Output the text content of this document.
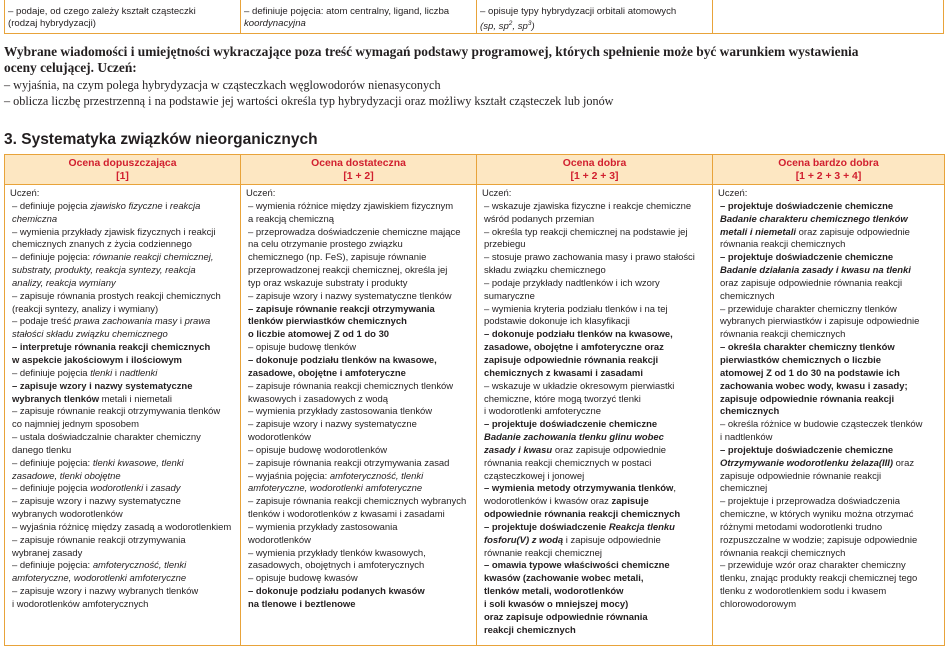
– podaje, od czego zależy kształt cząsteczki
(rodzaj hybrydyzacji)
– definiuje pojęcia: atom centralny, ligand, liczba
koordynacyjna
– opisuje typy hybrydyzacji orbitali atomowych
(sp, $sp^2$, $sp^3$)
Wybrane wiadomości i umiejętności wykraczające poza treść wymagań podstawy programowej, których spełnienie może być warunkiem wystawienia
oceny celującej. Uczeń:
– wyjaśnia, na czym polega hybrydyzacja w cząsteczkach węglowodorów nienasyconych
– oblicza liczbę przestrzenną i na podstawie jej wartości określa typ hybrydyzacji oraz możliwy kształt cząsteczek lub jonów
3. Systematyka związków nieorganicznych
Ocena dopuszczająca
[1]
Uczeń:
– definiuje pojęcia zjawisko fizyczne i reakcja
chemiczna
– wymienia przykłady zjawisk fizycznych i reakcji
chemicznych znanych z życia codziennego
– definiuje pojęcia: równanie reakcji chemicznej,
substraty, produkty, reakcja syntezy, reakcja
analizy, reakcja wymiany
– zapisuje równania prostych reakcji chemicznych
(reakcji syntezy, analizy i wymiany)
– podaje treść prawa zachowania masy i prawa
stałości składu związku chemicznego
– interpretuje równania reakcji chemicznych
w aspekcie jakościowym i ilościowym
– definiuje pojęcia tlenki i nadtlenki
– zapisuje wzory i nazwy systematyczne
wybranych tlenków metali i niemetali
– zapisuje równanie reakcji otrzymywania tlenków
co najmniej jednym sposobem
– ustala doświadczalnie charakter chemiczny
danego tlenku
– definiuje pojęcia: tlenki kwasowe, tlenki
zasadowe, tlenki obojętne
– definiuje pojęcia wodorotlenki i zasady
– zapisuje wzory i nazwy systematyczne
wybranych wodorotlenków
– wyjaśnia różnicę między zasadą a wodorotlenkiem
– zapisuje równanie reakcji otrzymywania
wybranej zasady
– definiuje pojęcia: amfoteryczność, tlenki
amfoteryczne, wodorotlenki amfoteryczne
– zapisuje wzory i nazwy wybranych tlenków
i wodorotlenków amfoterycznych
Ocena dostateczna
[1 + 2]
Uczeń:
– wymienia różnice między zjawiskiem fizycznym
a reakcją chemiczną
– przeprowadza doświadczenie chemiczne mające
na celu otrzymanie prostego związku
chemicznego (np. FeS), zapisuje równanie
przeprowadzonej reakcji chemicznej, określa jej
typ oraz wskazuje substraty i produkty
– zapisuje wzory i nazwy systematyczne tlenków
– zapisuje równanie reakcji otrzymywania
tlenków pierwiastków chemicznych
o liczbie atomowej Z od 1 do 30
– opisuje budowę tlenków
– dokonuje podziału tlenków na kwasowe,
zasadowe, obojętne i amfoteryczne
– zapisuje równania reakcji chemicznych tlenków
kwasowych i zasadowych z wodą
– wymienia przykłady zastosowania tlenków
– zapisuje wzory i nazwy systematyczne
wodorotlenków
– opisuje budowę wodorotlenków
– zapisuje równania reakcji otrzymywania zasad
– wyjaśnia pojęcia: amfoteryczność, tlenki
amfoteryczne, wodorotlenki amfoteryczne
– zapisuje równania reakcji chemicznych wybranych
tlenków i wodorotlenków z kwasami i zasadami
– wymienia przykłady zastosowania
wodorotlenków
– wymienia przykłady tlenków kwasowych,
zasadowych, obojętnych i amfoterycznych
– opisuje budowę kwasów
– dokonuje podziału podanych kwasów
na tlenowe i beztlenowe
Ocena dobra
[1 + 2 + 3]
Uczeń:
– wskazuje zjawiska fizyczne i reakcje chemiczne
wśród podanych przemian
– określa typ reakcji chemicznej na podstawie jej
przebiegu
– stosuje prawo zachowania masy i prawo stałości
składu związku chemicznego
– podaje przykłady nadtlenków i ich wzory
sumaryczne
– wymienia kryteria podziału tlenków i na tej
podstawie dokonuje ich klasyfikacji
– dokonuje podziału tlenków na kwasowe,
zasadowe, obojętne i amfoteryczne oraz
zapisuje odpowiednie równania reakcji
chemicznych z kwasami i zasadami
– wskazuje w układzie okresowym pierwiastki
chemiczne, które mogą tworzyć tlenki
i wodorotlenki amfoteryczne
– projektuje doświadczenie chemiczne
Badanie zachowania tlenku glinu wobec
zasady i kwasu oraz zapisuje odpowiednie
równania reakcji chemicznych w postaci
cząsteczkowej i jonowej
– wymienia metody otrzymywania tlenków,
wodorotlenków i kwasów oraz zapisuje
odpowiednie równania reakcji chemicznych
– projektuje doświadczenie Reakcja tlenku
fosforu(V) z wodą i zapisuje odpowiednie
równanie reakcji chemicznej
– omawia typowe właściwości chemiczne
kwasów (zachowanie wobec metali,
tlenków metali, wodorotlenków
i soli kwasów o mniejszej mocy)
oraz zapisuje odpowiednie równania
reakcji chemicznych
Ocena bardzo dobra
[1 + 2 + 3 + 4]
Uczeń:
– projektuje doświadczenie chemiczne
Badanie charakteru chemicznego tlenków
metali i niemetali oraz zapisuje odpowiednie
równania reakcji chemicznych
– projektuje doświadczenie chemiczne
Badanie działania zasady i kwasu na tlenki
oraz zapisuje odpowiednie równania reakcji
chemicznych
– przewiduje charakter chemiczny tlenków
wybranych pierwiastków i zapisuje odpowiednie
równania reakcji chemicznych
– określa charakter chemiczny tlenków
pierwiastków chemicznych o liczbie
atomowej Z od 1 do 30 na podstawie ich
zachowania wobec wody, kwasu i zasady;
zapisuje odpowiednie równania reakcji
chemicznych
– określa różnice w budowie cząsteczek tlenków
i nadtlenków
– projektuje doświadczenie chemiczne
Otrzymywanie wodorotlenku żelaza(III) oraz
zapisuje odpowiednie równanie reakcji
chemicznej
– projektuje i przeprowadza doświadczenia
chemiczne, w których wyniku można otrzymać
różnymi metodami wodorotlenki trudno
rozpuszczalne w wodzie; zapisuje odpowiednie
równania reakcji chemicznych
– przewiduje wzór oraz charakter chemiczny
tlenku, znając produkty reakcji chemicznej tego
tlenku z wodorotlenkiem sodu i kwasem
chlorowodorowym
